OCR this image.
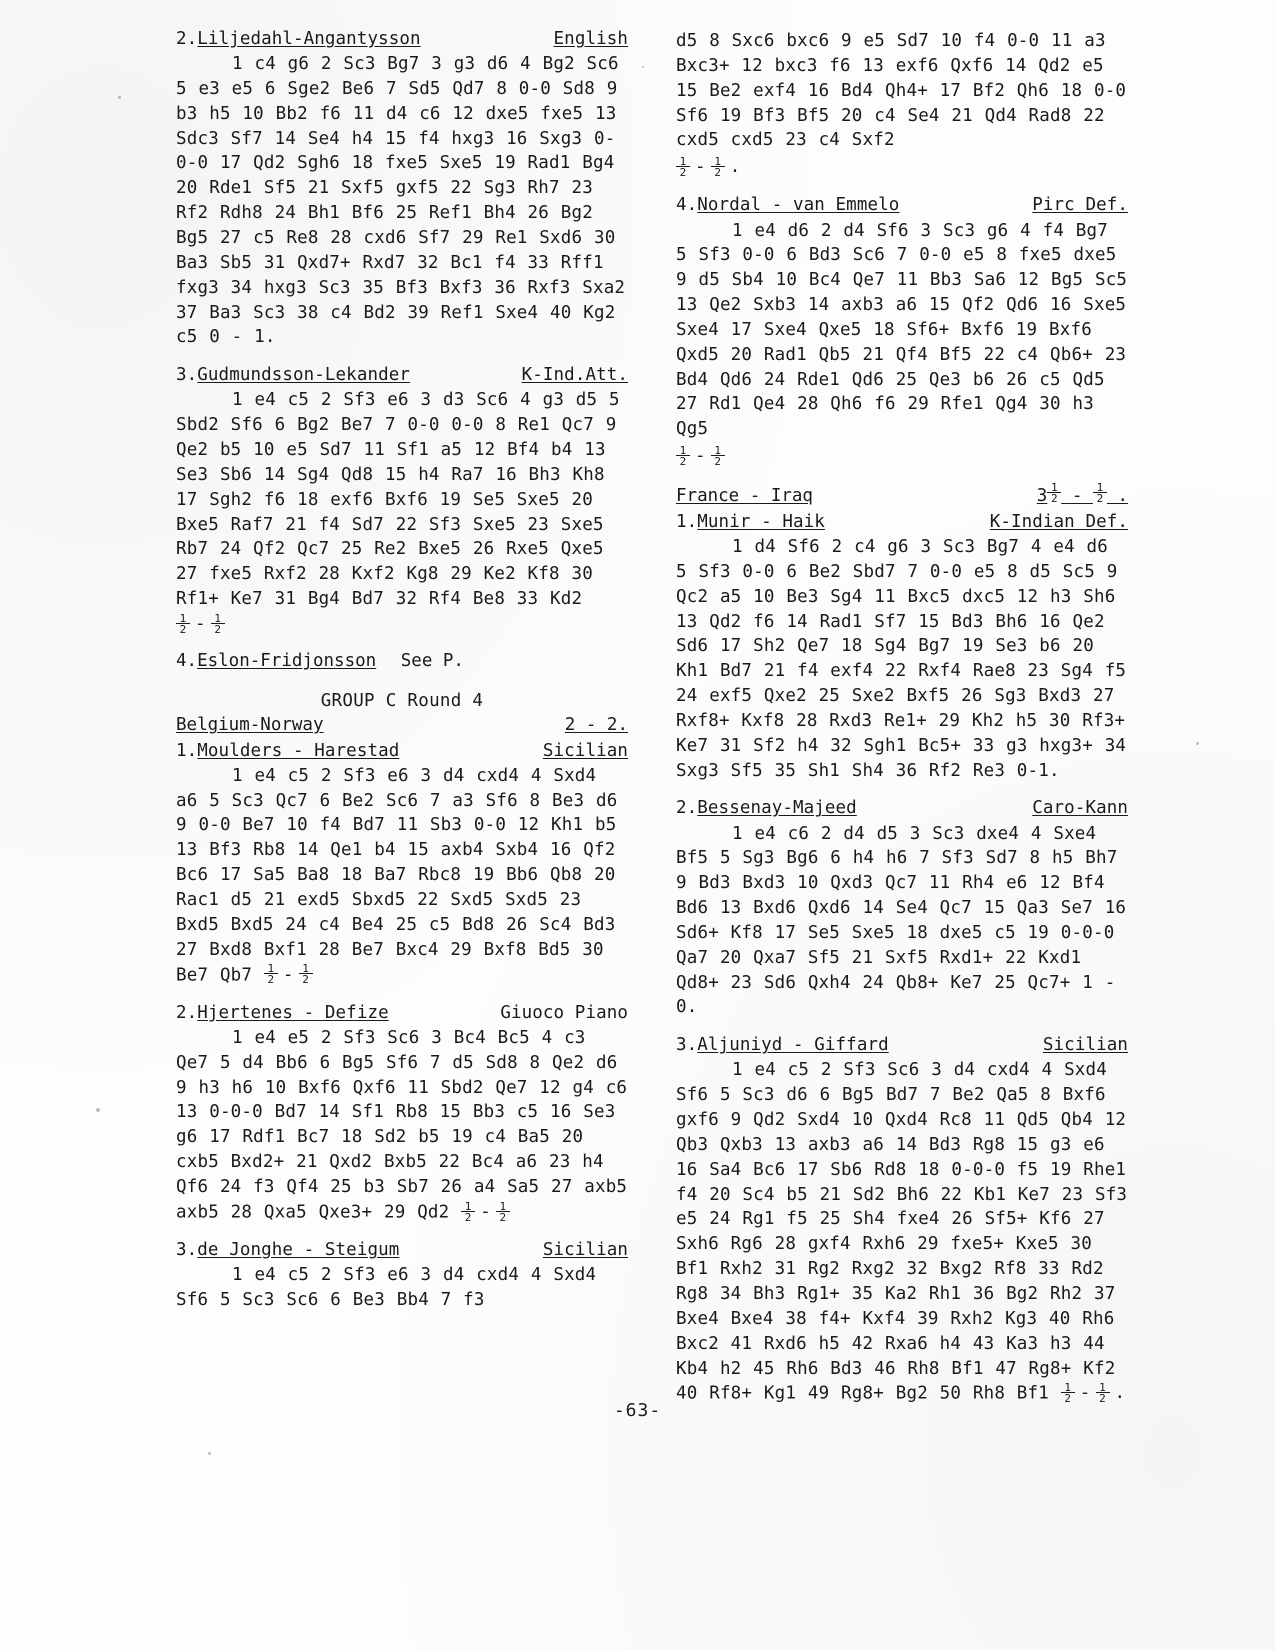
2. Liljedahl-Angantysson	English
1 c4 g6 2 Sc3 Bg7 3 g3 d6 4 Bg2 Sc6 5 e3 e5 6 Sge2 Be6 7 Sd5 Qd7 8 0-0 Sd8 9 b3 h5 10 Bb2 f6 11 d4 c6 12 dxe5 fxe5 13 Sdc3 Sf7 14 Se4 h4 15 f4 hxg3 16 Sxg3 0-0-0 17 Qd2 Sgh6 18 fxe5 Sxe5 19 Rad1 Bg4 20 Rde1 Sf5 21 Sxf5 gxf5 22 Sg3 Rh7 23 Rf2 Rdh8 24 Bh1 Bf6 25 Ref1 Bh4 26 Bg2 Bg5 27 c5 Re8 28 cxd6 Sf7 29 Re1 Sxd6 30 Ba3 Sb5 31 Qxd7+ Rxd7 32 Bc1 f4 33 Rff1 fxg3 34 hxg3 Sc3 35 Bf3 Bxf3 36 Rxf3 Sxa2 37 Ba3 Sc3 38 c4 Bd2 39 Ref1 Sxe4 40 Kg2 c5 0 - 1.
3. Gudmundsson-Lekander	K-Ind.Att.
1 e4 c5 2 Sf3 e6 3 d3 Sc6 4 g3 d5 5 Sbd2 Sf6 6 Bg2 Be7 7 0-0 0-0 8 Re1 Qc7 9 Qe2 b5 10 e5 Sd7 11 Sf1 a5 12 Bf4 b4 13 Se3 Sb6 14 Sg4 Qd8 15 h4 Ra7 16 Bh3 Kh8 17 Sgh2 f6 18 exf6 Bxf6 19 Se5 Sxe5 20 Bxe5 Raf7 21 f4 Sd7 22 Sf3 Sxe5 23 Sxe5 Rb7 24 Qf2 Qc7 25 Re2 Bxe5 26 Rxe5 Qxe5 27 fxe5 Rxf2 28 Kxf2 Kg8 29 Ke2 Kf8 30 Rf1+ Ke7 31 Bg4 Bd7 32 Rf4 Be8 33 Kd2
$\frac{1}{2} - \frac{1}{2}$
4.Eslon-Fridjonsson See P.
GROUP C Round 4
Belgium-Norway	2 - 2.
1. Moulders - Harestad	Sicilian
1 e4 c5 2 Sf3 e6 3 d4 cxd4 4 Sxd4 a6 5 Sc3 Qc7 6 Be2 Sc6 7 a3 Sf6 8 Be3 d6 9 0-0 Be7 10 f4 Bd7 11 Sb3 0-0 12 Kh1 b5 13 Bf3 Rb8 14 Qe1 b4 15 axb4 Sxb4 16 Qf2 Bc6 17 Sa5 Ba8 18 Ba7 Rbc8 19 Bb6 Qb8 20 Rac1 d5 21 exd5 Sbxd5 22 Sxd5 Sxd5 23 Bxd5 Bxd5 24 c4 Be4 25 c5 Bd8 26 Sc4 Bd3 27 Bxd8 Bxf1 28 Be7 Bxc4 29 Bxf8 Bd5 30 Be7 $Qb7 \frac{1}{2} - \frac{1}{2}$
2. Hjertenes - Defize	Giuoco Piano
1 e4 e5 2 Sf3 Sc6 3 Bc4 Bc5 4 c3 Qe7 5 d4 Bb6 6 Bg5 Sf6 7 d5 Sd8 8 Qe2 d6 9 h3 h6 10 Bxf6 Qxf6 11 Sbd2 Qe7 12 g4 c6 13 0-0-0 Bd7 14 Sf1 Rb8 15 Bb3 c5 16 Se3 g6 17 Rdf1 Bc7 18 Sd2 b5 19 c4 Ba5 20 cxb5 Bxd2+ 21 Qxd2 Bxb5 22 Bc4 a6 23 h4 Qf6 24 f3 Qf4 25 b3 Sb7 26 a4 Sa5 27 axb5 axb5 28 Qxa5 Qxe3+ 29 $Qd2 \frac{1}{2} - \frac{1}{2}$
3. de Jonghe - Steigum	Sicilian
1 e4 c5 2 Sf3 e6 3 d4 cxd4 4 Sxd4 Sf6 5 Sc3 Sc6 6 Be3 Bb4 7 f3
d5 8 Sxc6 bxc6 9 e5 Sd7 10 f4 0-0 11 a3 Bxc3+ 12 bxc3 f6 13 exf6 Qxf6 14 Qd2 e5 15 Be2 exf4 16 Bd4 Qh4+ 17 Bf2 Qh6 18 0-0 Sf6 19 Bf3 Bf5 20 c4 Se4 21 Qd4 Rad8 22 cxd5 cxd5 23 c4 Sxf2
$\frac{1}{2} - \frac{1}{2}$ .
4. Nordal - van Emmelo	Pirc Def.
1 e4 d6 2 d4 Sf6 3 Sc3 g6 4 f4 Bg7 5 Sf3 0-0 6 Bd3 Sc6 7 0-0 e5 8 fxe5 dxe5 9 d5 Sb4 10 Bc4 Qe7 11 Bb3 Sa6 12 Bg5 Sc5 13 Qe2 Sxb3 14 axb3 a6 15 Qf2 Qd6 16 Sxe5 Sxe4 17 Sxe4 Qxe5 18 Sf6+ Bxf6 19 Bxf6 Qxd5 20 Rad1 Qb5 21 Qf4 Bf5 22 c4 Qb6+ 23 Bd4 Qd6 24 Rde1 Qd6 25 Qe3 b6 26 c5 Qd5 27 Rd1 Qe4 28 Qh6 f6 29 Rfe1 Qg4 30 h3 Qg5
$\frac{1}{2} - \frac{1}{2}$
France - Iraq	$3 \frac{1}{2} - \frac{1}{2}$ .
1. Munir - Haik	K-Indian Def.
1 d4 Sf6 2 c4 g6 3 Sc3 Bg7 4 e4 d6 5 Sf3 0-0 6 Be2 Sbd7 7 0-0 e5 8 d5 Sc5 9 Qc2 a5 10 Be3 Sg4 11 Bxc5 dxc5 12 h3 Sh6 13 Qd2 f6 14 Rad1 Sf7 15 Bd3 Bh6 16 Qe2 Sd6 17 Sh2 Qe7 18 Sg4 Bg7 19 Se3 b6 20 Kh1 Bd7 21 f4 exf4 22 Rxf4 Rae8 23 Sg4 f5 24 exf5 Qxe2 25 Sxe2 Bxf5 26 Sg3 Bxd3 27 Rxf8+ Kxf8 28 Rxd3 Re1+ 29 Kh2 h5 30 Rf3+ Ke7 31 Sf2 h4 32 Sgh1 Bc5+ 33 g3 hxg3+ 34 Sxg3 Sf5 35 Sh1 Sh4 36 Rf2 Re3 0-1.
2. Bessenay-Majeed	Caro-Kann
1 e4 c6 2 d4 d5 3 Sc3 dxe4 4 Sxe4 Bf5 5 Sg3 Bg6 6 h4 h6 7 Sf3 Sd7 8 h5 Bh7 9 Bd3 Bxd3 10 Qxd3 Qc7 11 Rh4 e6 12 Bf4 Bd6 13 Bxd6 Qxd6 14 Se4 Qc7 15 Qa3 Se7 16 Sd6+ Kf8 17 Se5 Sxe5 18 dxe5 c5 19 0-0-0 Qa7 20 Qxa7 Sf5 21 Sxf5 Rxd1+ 22 Kxd1 Qd8+ 23 Sd6 Qxh4 24 Qb8+ Ke7 25 Qc7+ 1 - 0.
3. Aljuniyd - Giffard	Sicilian
1 e4 c5 2 Sf3 Sc6 3 d4 cxd4 4 Sxd4 Sf6 5 Sc3 d6 6 Bg5 Bd7 7 Be2 Qa5 8 Bxf6 gxf6 9 Qd2 Sxd4 10 Qxd4 Rc8 11 Qd5 Qb4 12 Qb3 Qxb3 13 axb3 a6 14 Bd3 Rg8 15 g3 e6 16 Sa4 Bc6 17 Sb6 Rd8 18 0-0-0 f5 19 Rhe1 f4 20 Sc4 b5 21 Sd2 Bh6 22 Kb1 Ke7 23 Sf3 e5 24 Rg1 f5 25 Sh4 fxe4 26 Sf5+ Kf6 27 Sxh6 Rg6 28 gxf4 Rxh6 29 fxe5+ Kxe5 30 Bf1 Rxh2 31 Rg2 Rxg2 32 Bxg2 Rf8 33 Rd2 Rg8 34 Bh3 Rg1+ 35 Ka2 Rh1 36 Bg2 Rh2 37 Bxe4 Bxe4 38 f4+ Kxf4 39 Rxh2 Kg3 40 Rh6 Bxc2 41 Rxd6 h5 42 Rxa6 h4 43 Ka3 h3 44 Kb4 h2 45 Rh6 Bd3 46 Rh8 Bf1 47 Rg8+ Kf2 40 Rf8+ Kg1 49 Rg8+ Bg2 50 Rh8 $Bf1 \frac{1}{2} - \frac{1}{2}$ .
-63-
